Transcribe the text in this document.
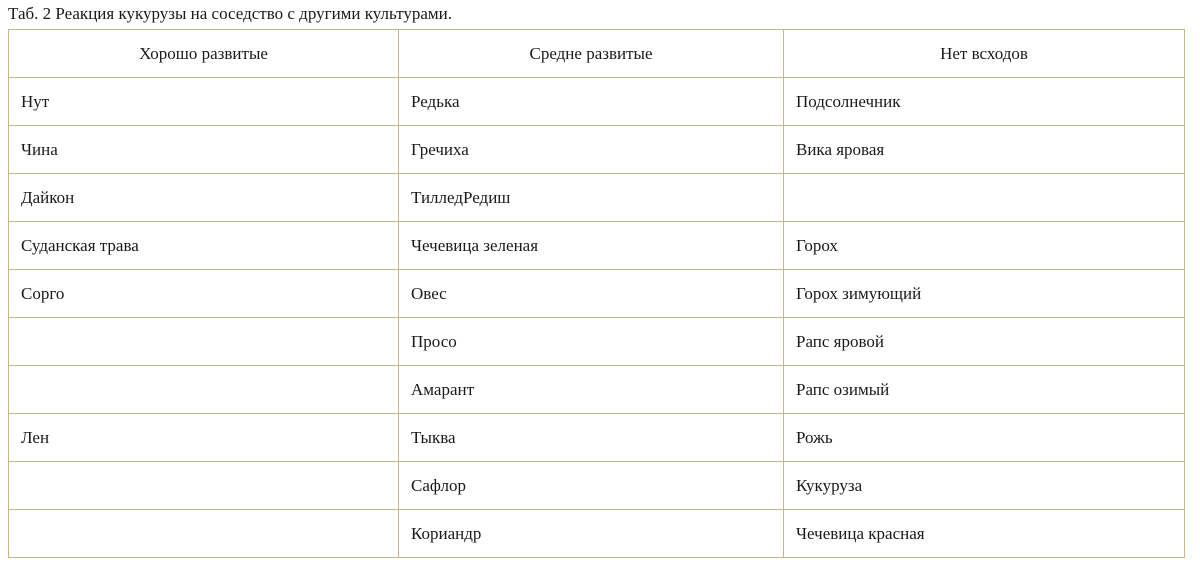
Таб. 2 Реакция кукурузы на соседство с другими культурами.
Хорошо развитые	Средне развитые	Нет всходов
Нут	Редька	Подсолнечник
Чина	Гречиха	Вика яровая
Дайкон	ТилледРедиш	
Суданская трава	Чечевица зеленая	Горох
Сорго	Овес	Горох зимующий
	Просо	Рапс яровой
	Амарант	Рапс озимый
Лен	Тыква	Рожь
	Сафлор	Кукуруза
	Кориандр	Чечевица красная
